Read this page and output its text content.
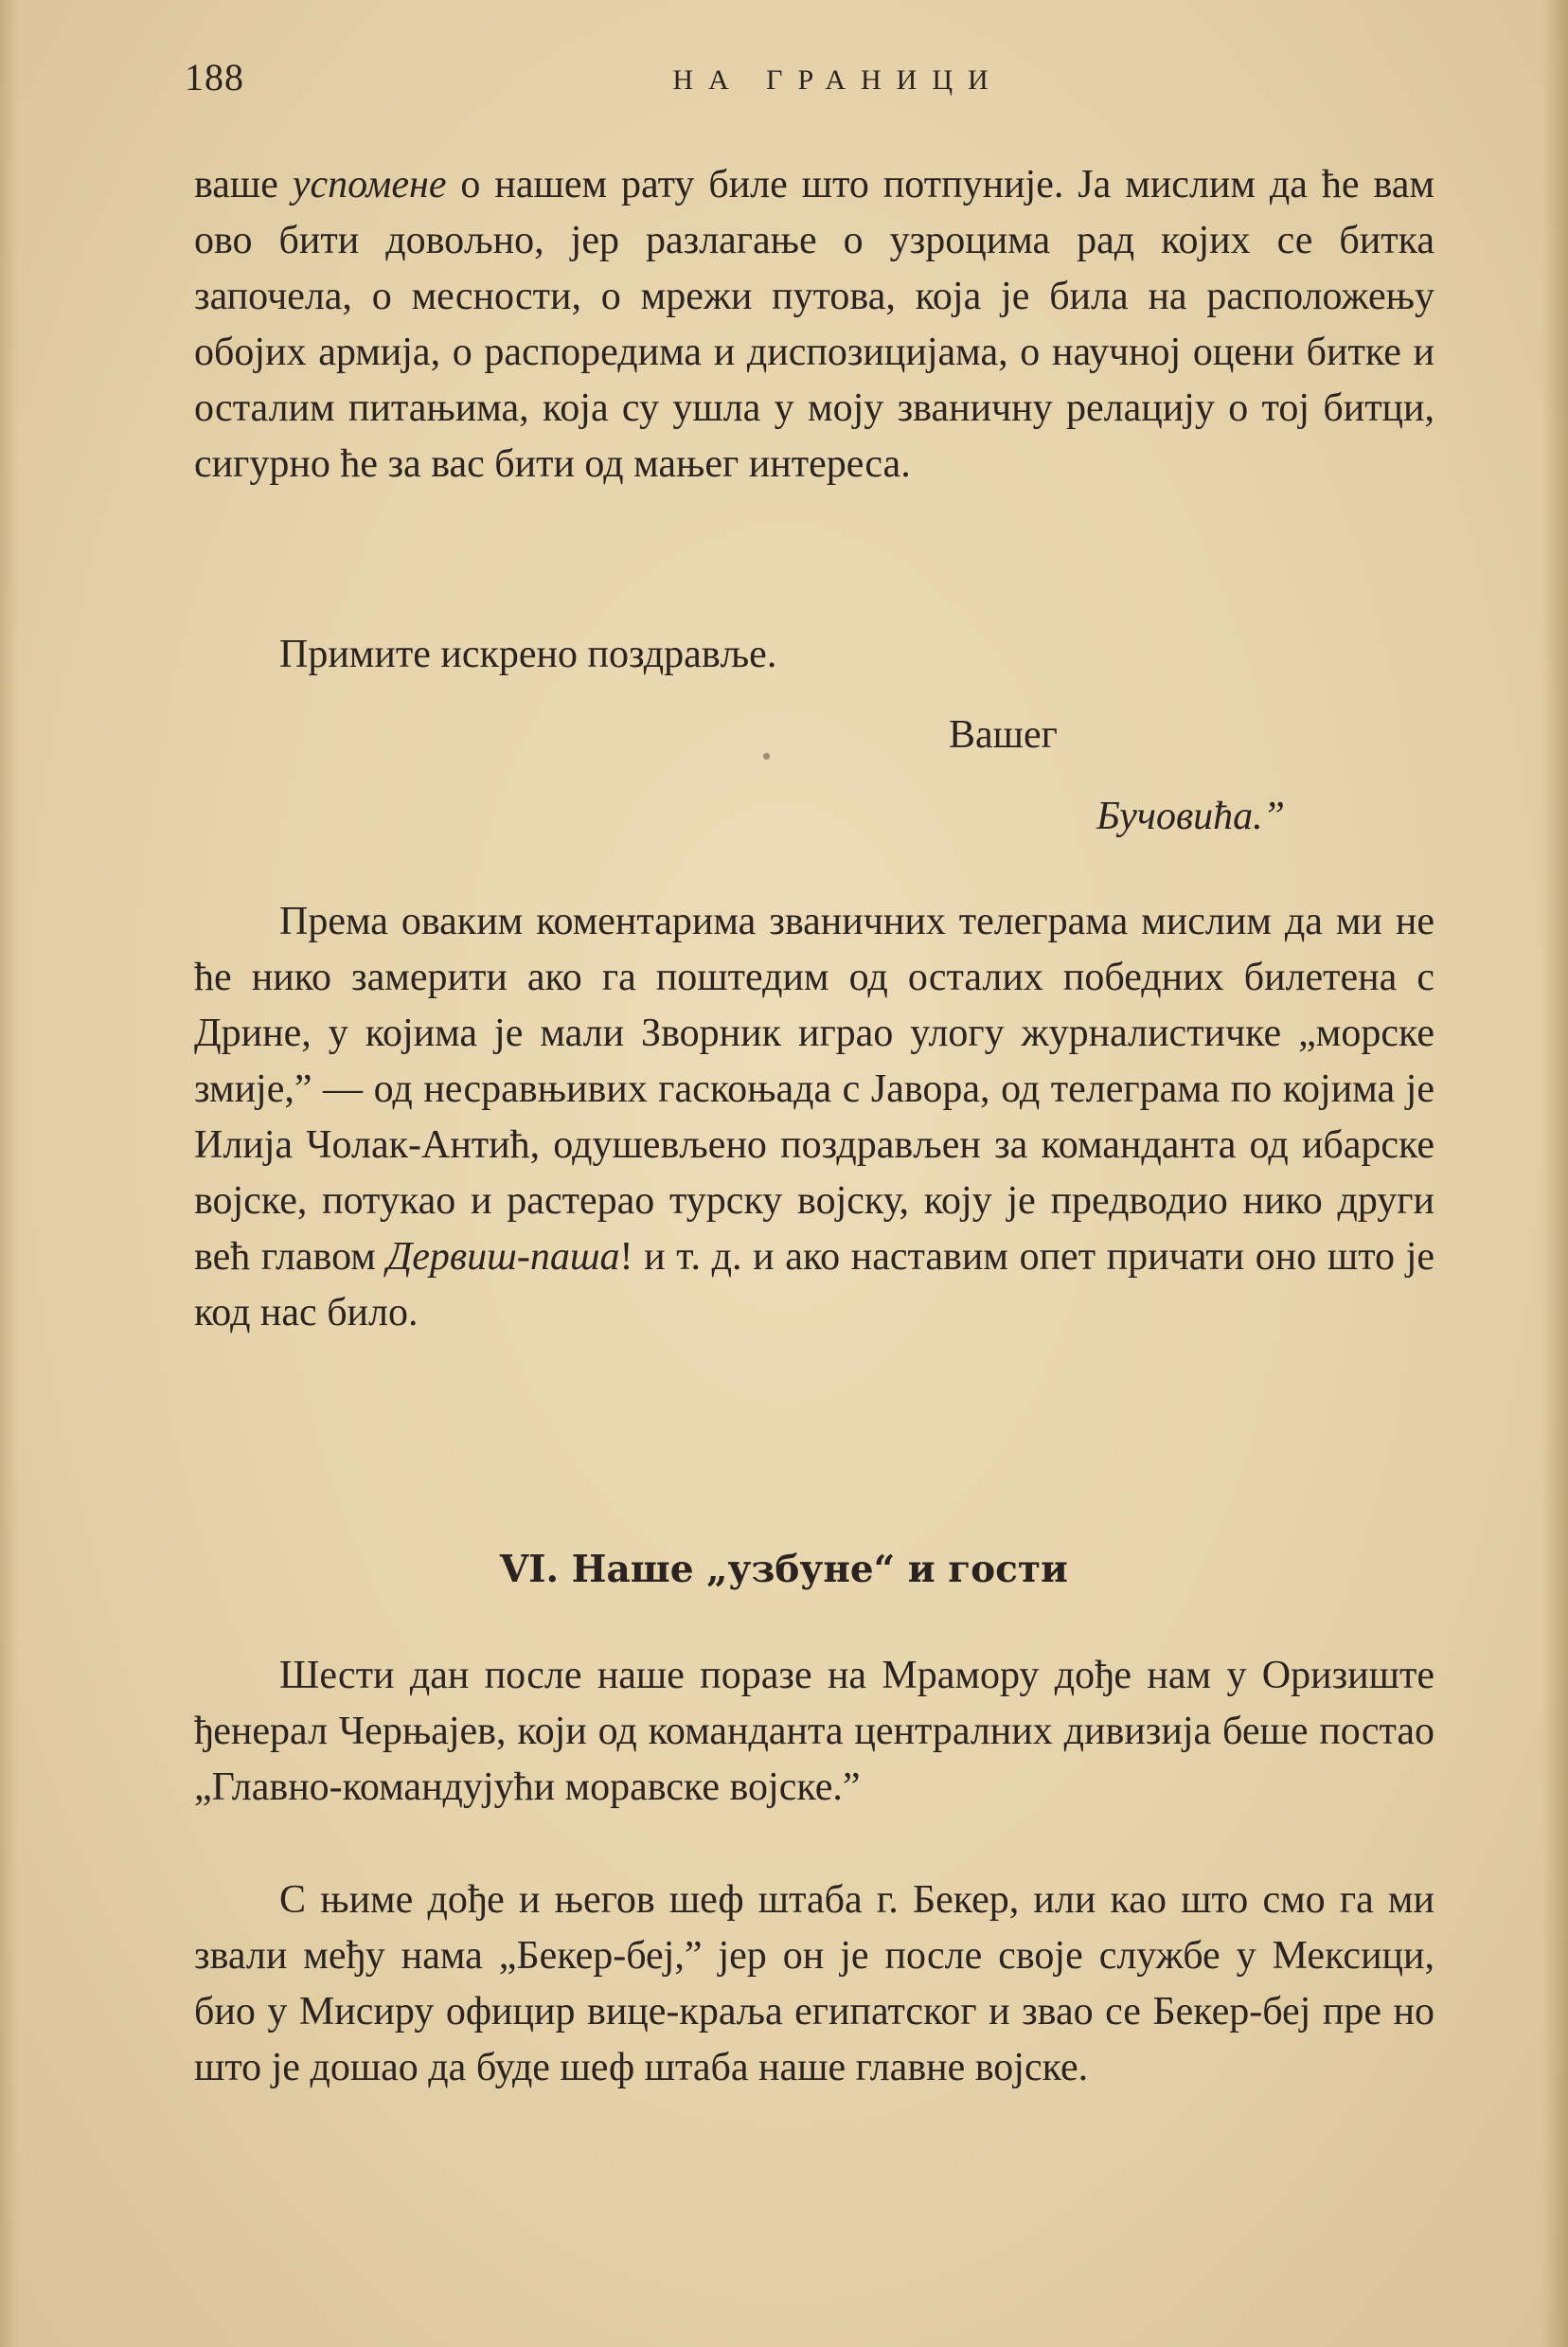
188	НА ГРАНИЦИ

ваше успомене о нашем рату биле што потпуније. Ја мислим да ће вам ово бити довољно, јер разлагање о узроцима рад којих се битка започела, о месности, о мрежи путова, која је била на расположењу обојих армија, о распоредима и диспозицијама, о научној оцени битке и осталим питањима, која су ушла у моју званичну релацију о тој битци, сигурно ће за вас бити од мањег интереса.

Примите искрено поздравље.

Вашег
Бучовића.”

Према оваким коментарима званичних телеграма мислим да ми не ће нико замерити ако га поштедим од осталих победних билетена с Дрине, у којима је мали Зворник играо улогу журналистичке „морске змије,” — од несравњивих гаскоњада с Јавора, од телеграма по којима је Илија Чолак-Антић, одушевљено поздрављен за команданта од ибарске војске, потукао и растерао турску војску, коју је предводио нико други већ главом Дервиш-паша! и т. д. и ако наставим опет причати оно што је код нас било.

VI. Наше „узбуне“ и гости

Шести дан после наше поразе на Мрамору дође нам у Оризиште ђенерал Черњајев, који од команданта централних дивизија беше постао „Главно-командујући моравске војске.”

С њиме дође и његов шеф штаба г. Бекер, или као што смо га ми звали међу нама „Бекер-беј,” јер он је после своје службе у Мексици, био у Мисиру официр вице-краља египатског и звао се Бекер-беј пре но што је дошао да буде шеф штаба наше главне војске.
